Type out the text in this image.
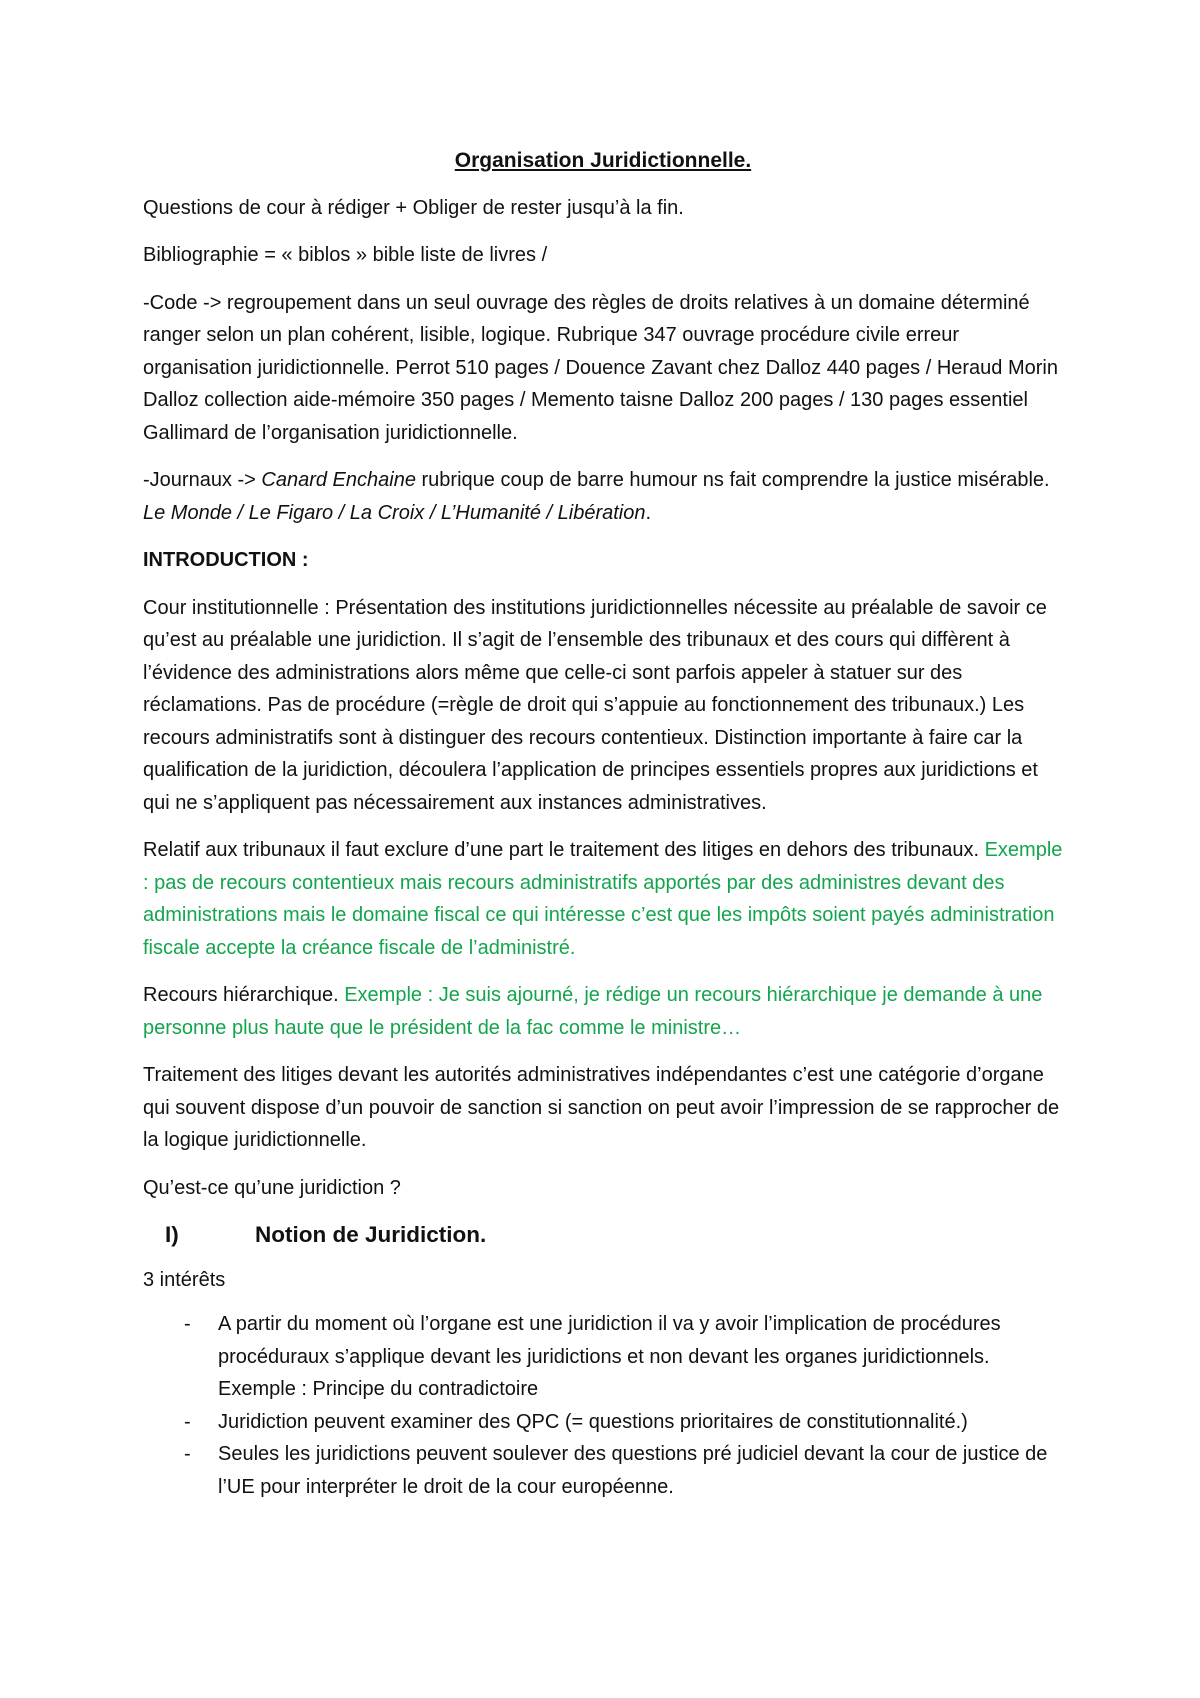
Organisation Juridictionnelle.

Questions de cour à rédiger + Obliger de rester jusqu’à la fin.

Bibliographie = « biblos » bible liste de livres /

-Code -> regroupement dans un seul ouvrage des règles de droits relatives à un domaine déterminé ranger selon un plan cohérent, lisible, logique. Rubrique 347 ouvrage procédure civile erreur organisation juridictionnelle. Perrot 510 pages / Douence Zavant chez Dalloz 440 pages / Heraud Morin Dalloz collection aide-mémoire 350 pages / Memento taisne Dalloz 200 pages / 130 pages essentiel Gallimard de l’organisation juridictionnelle.

-Journaux -> Canard Enchaine rubrique coup de barre humour ns fait comprendre la justice misérable. Le Monde / Le Figaro / La Croix / L’Humanité / Libération.

INTRODUCTION :

Cour institutionnelle : Présentation des institutions juridictionnelles nécessite au préalable de savoir ce qu’est au préalable une juridiction. Il s’agit de l’ensemble des tribunaux et des cours qui diffèrent à l’évidence des administrations alors même que celle-ci sont parfois appeler à statuer sur des réclamations. Pas de procédure (=règle de droit qui s’appuie au fonctionnement des tribunaux.) Les recours administratifs sont à distinguer des recours contentieux. Distinction importante à faire car la qualification de la juridiction, découlera l’application de principes essentiels propres aux juridictions et qui ne s’appliquent pas nécessairement aux instances administratives.

Relatif aux tribunaux il faut exclure d’une part le traitement des litiges en dehors des tribunaux. Exemple : pas de recours contentieux mais recours administratifs apportés par des administres devant des administrations mais le domaine fiscal ce qui intéresse c’est que les impôts soient payés administration fiscale accepte la créance fiscale de l’administré.

Recours hiérarchique. Exemple : Je suis ajourné, je rédige un recours hiérarchique je demande à une personne plus haute que le président de la fac comme le ministre…

Traitement des litiges devant les autorités administratives indépendantes c’est une catégorie d’organe qui souvent dispose d’un pouvoir de sanction si sanction on peut avoir l’impression de se rapprocher de la logique juridictionnelle.

Qu’est-ce qu’une juridiction ?

I)	Notion de Juridiction.

3 intérêts

- A partir du moment où l’organe est une juridiction il va y avoir l’implication de procédures procéduraux s’applique devant les juridictions et non devant les organes juridictionnels. Exemple : Principe du contradictoire
- Juridiction peuvent examiner des QPC (= questions prioritaires de constitutionnalité.)
- Seules les juridictions peuvent soulever des questions pré judiciel devant la cour de justice de l’UE pour interpréter le droit de la cour européenne.
